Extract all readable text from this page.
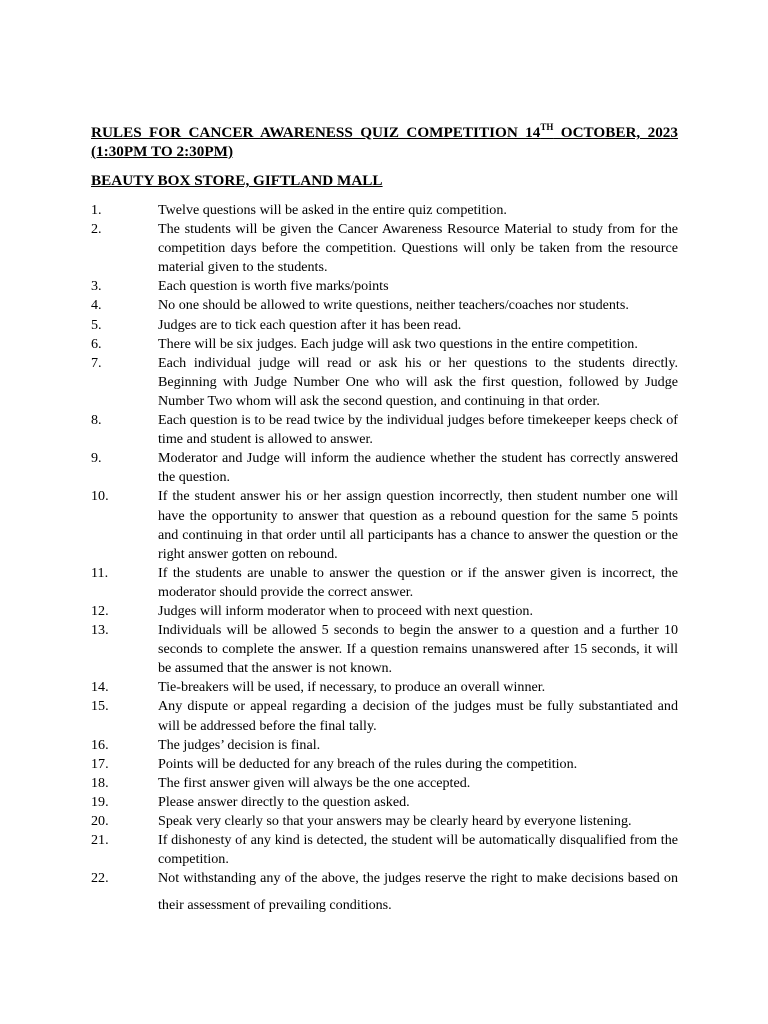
RULES FOR CANCER AWARENESS QUIZ COMPETITION 14TH OCTOBER, 2023 (1:30PM TO 2:30PM)
BEAUTY BOX STORE, GIFTLAND MALL
1.	Twelve questions will be asked in the entire quiz competition.
2.	The students will be given the Cancer Awareness Resource Material to study from for the competition days before the competition. Questions will only be taken from the resource material given to the students.
3.	Each question is worth five marks/points
4.	No one should be allowed to write questions, neither teachers/coaches nor students.
5.	Judges are to tick each question after it has been read.
6.	There will be six judges. Each judge will ask two questions in the entire competition.
7.	Each individual judge will read or ask his or her questions to the students directly. Beginning with Judge Number One who will ask the first question, followed by Judge Number Two whom will ask the second question, and continuing in that order.
8.	Each question is to be read twice by the individual judges before timekeeper keeps check of time and student is allowed to answer.
9.	Moderator and Judge will inform the audience whether the student has correctly answered the question.
10.	If the student answer his or her assign question incorrectly, then student number one will have the opportunity to answer that question as a rebound question for the same 5 points and continuing in that order until all participants has a chance to answer the question or the right answer gotten on rebound.
11.	If the students are unable to answer the question or if the answer given is incorrect, the moderator should provide the correct answer.
12.	Judges will inform moderator when to proceed with next question.
13.	Individuals will be allowed 5 seconds to begin the answer to a question and a further 10 seconds to complete the answer. If a question remains unanswered after 15 seconds, it will be assumed that the answer is not known.
14.	Tie-breakers will be used, if necessary, to produce an overall winner.
15.	Any dispute or appeal regarding a decision of the judges must be fully substantiated and will be addressed before the final tally.
16.	The judges’ decision is final.
17.	Points will be deducted for any breach of the rules during the competition.
18.	The first answer given will always be the one accepted.
19.	Please answer directly to the question asked.
20.	Speak very clearly so that your answers may be clearly heard by everyone listening.
21.	If dishonesty of any kind is detected, the student will be automatically disqualified from the competition.
22.	Not withstanding any of the above, the judges reserve the right to make decisions based on their assessment of prevailing conditions.
